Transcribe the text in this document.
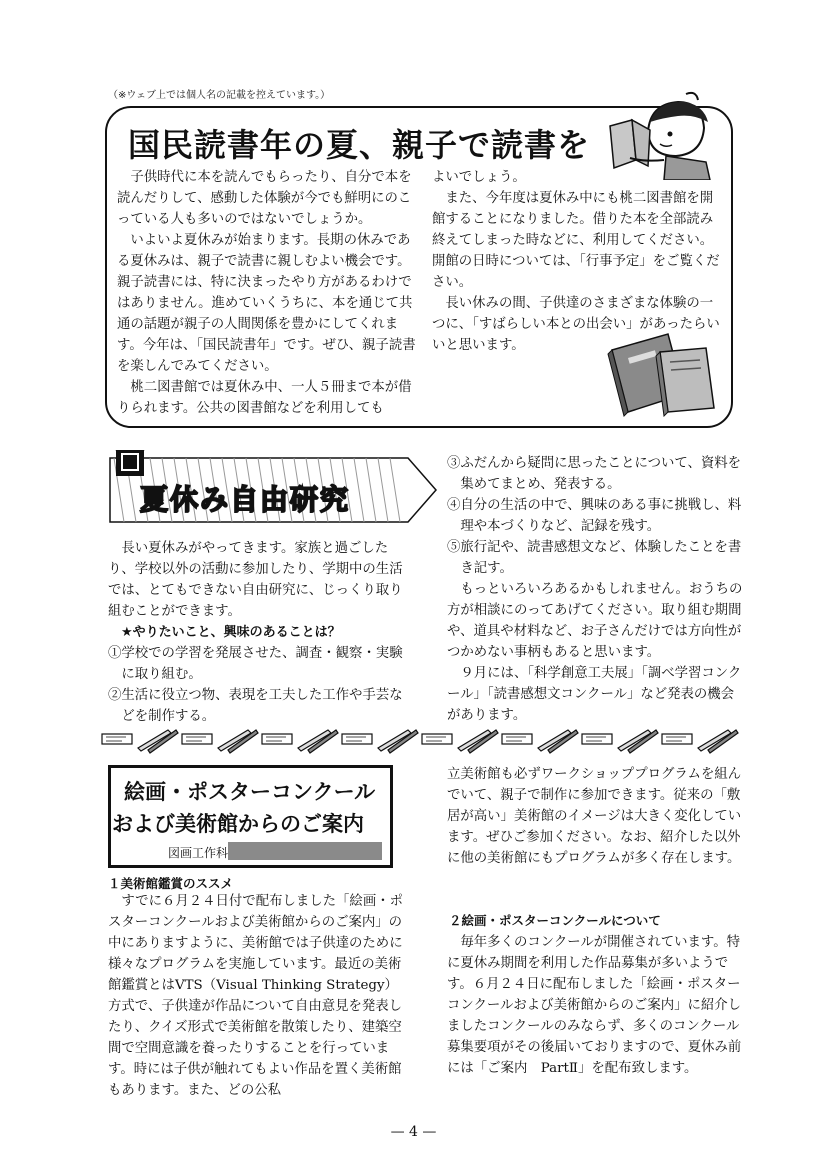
（※ウェブ上では個人名の記載を控えています。）
国民読書年の夏、親子で読書を

子供時代に本を読んでもらったり、自分で本を読んだりして、感動した体験が今でも鮮明にのこっている人も多いのではないでしょうか。

いよいよ夏休みが始まります。長期の休みである夏休みは、親子で読書に親しむよい機会です。親子読書には、特に決まったやり方があるわけではありません。進めていくうちに、本を通じて共通の話題が親子の人間関係を豊かにしてくれます。今年は、「国民読書年」です。ぜひ、親子読書を楽しんでみてください。

桃二図書館では夏休み中、一人５冊まで本が借りられます。公共の図書館などを利用しても

よいでしょう。

また、今年度は夏休み中にも桃二図書館を開館することになりました。借りた本を全部読み終えてしまった時などに、利用してください。開館の日時については、「行事予定」をご覧ください。

長い休みの間、子供達のさまざまな体験の一つに、「すばらしい本との出会い」があったらいいと思います。

夏休み自由研究

長い夏休みがやってきます。家族と過ごしたり、学校以外の活動に参加したり、学期中の生活では、とてもできない自由研究に、じっくり取り組むことができます。

★やりたいこと、興味のあることは？

①学校での学習を発展させた、調査・観察・実験に取り組む。

②生活に役立つ物、表現を工夫した工作や手芸などを制作する。

③ふだんから疑問に思ったことについて、資料を集めてまとめ、発表する。

④自分の生活の中で、興味のある事に挑戦し、料理や本づくりなど、記録を残す。

⑤旅行記や、読書感想文など、体験したことを書き記す。

もっといろいろあるかもしれません。おうちの方が相談にのってあげてください。取り組む期間や、道具や材料など、お子さんだけでは方向性がつかめない事柄もあると思います。

９月には、「科学創意工夫展」「調べ学習コンクール」「読書感想文コンクール」など発表の機会があります。

絵画・ポスターコンクール
および美術館からのご案内
図画工作科
１美術館鑑賞のススメ

すでに６月２４日付で配布しました「絵画・ポスターコンクールおよび美術館からのご案内」の中にありますように、美術館では子供達のために様々なプログラムを実施しています。最近の美術館鑑賞とはVTS（Visual Thinking Strategy）方式で、子供達が作品について自由意見を発表したり、クイズ形式で美術館を散策したり、建築空間で空間意識を養ったりすることを行っています。時には子供が触れてもよい作品を置く美術館もあります。また、どの公私

立美術館も必ずワークショッププログラムを組んでいて、親子で制作に参加できます。従来の「敷居が高い」美術館のイメージは大きく変化しています。ぜひご参加ください。なお、紹介した以外に他の美術館にもプログラムが多く存在します。

２絵画・ポスターコンクールについて

毎年多くのコンクールが開催されています。特に夏休み期間を利用した作品募集が多いようです。６月２４日に配布しました「絵画・ポスターコンクールおよび美術館からのご案内」に紹介しましたコンクールのみならず、多くのコンクール募集要項がその後届いておりますので、夏休み前には「ご案内　PartⅡ」を配布致します。

— 4 —
